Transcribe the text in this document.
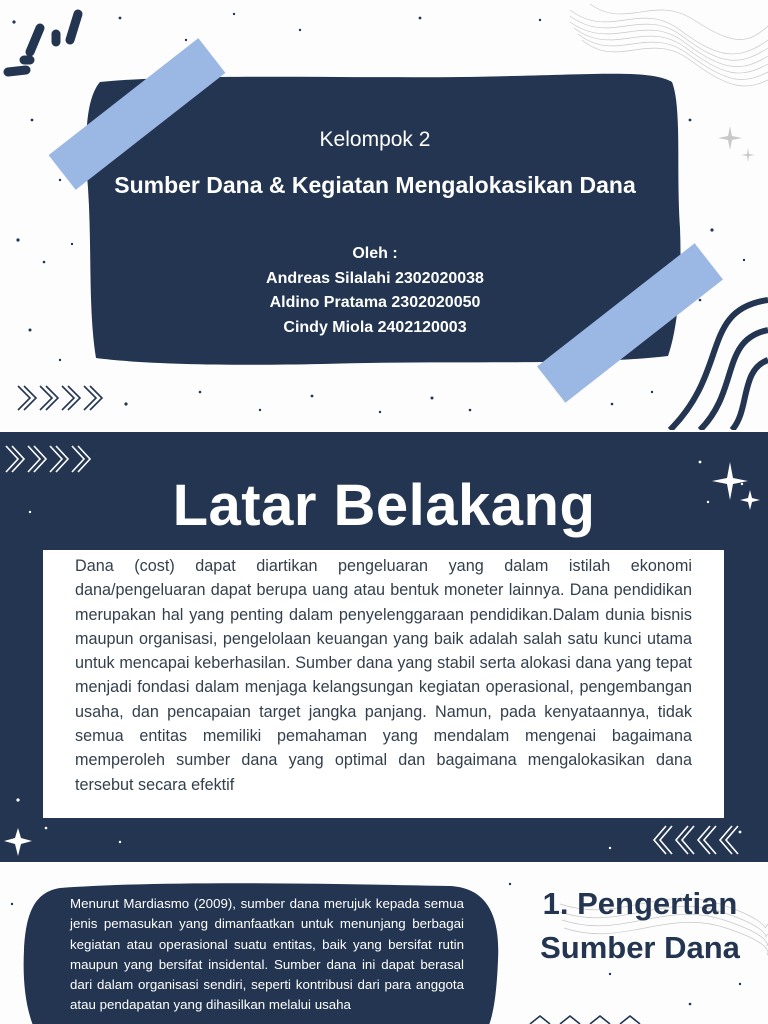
Kelompok 2
Sumber Dana & Kegiatan Mengalokasikan Dana
Oleh :
Andreas Silalahi 2302020038
Aldino Pratama 2302020050
Cindy Miola 2402120003
Latar Belakang

Dana (cost) dapat diartikan pengeluaran yang dalam istilah ekonomi dana/pengeluaran dapat berupa uang atau bentuk moneter lainnya. Dana pendidikan merupakan hal yang penting dalam penyelenggaraan pendidikan.Dalam dunia bisnis maupun organisasi, pengelolaan keuangan yang baik adalah salah satu kunci utama untuk mencapai keberhasilan. Sumber dana yang stabil serta alokasi dana yang tepat menjadi fondasi dalam menjaga kelangsungan kegiatan operasional, pengembangan usaha, dan pencapaian target jangka panjang. Namun, pada kenyataannya, tidak semua entitas memiliki pemahaman yang mendalam mengenai bagaimana memperoleh sumber dana yang optimal dan bagaimana mengalokasikan dana tersebut secara efektif

Menurut Mardiasmo (2009), sumber dana merujuk kepada semua jenis pemasukan yang dimanfaatkan untuk menunjang berbagai kegiatan atau operasional suatu entitas, baik yang bersifat rutin maupun yang bersifat insidental. Sumber dana ini dapat berasal dari dalam organisasi sendiri, seperti kontribusi dari para anggota atau pendapatan yang dihasilkan melalui usaha

1. Pengertian
Sumber Dana
